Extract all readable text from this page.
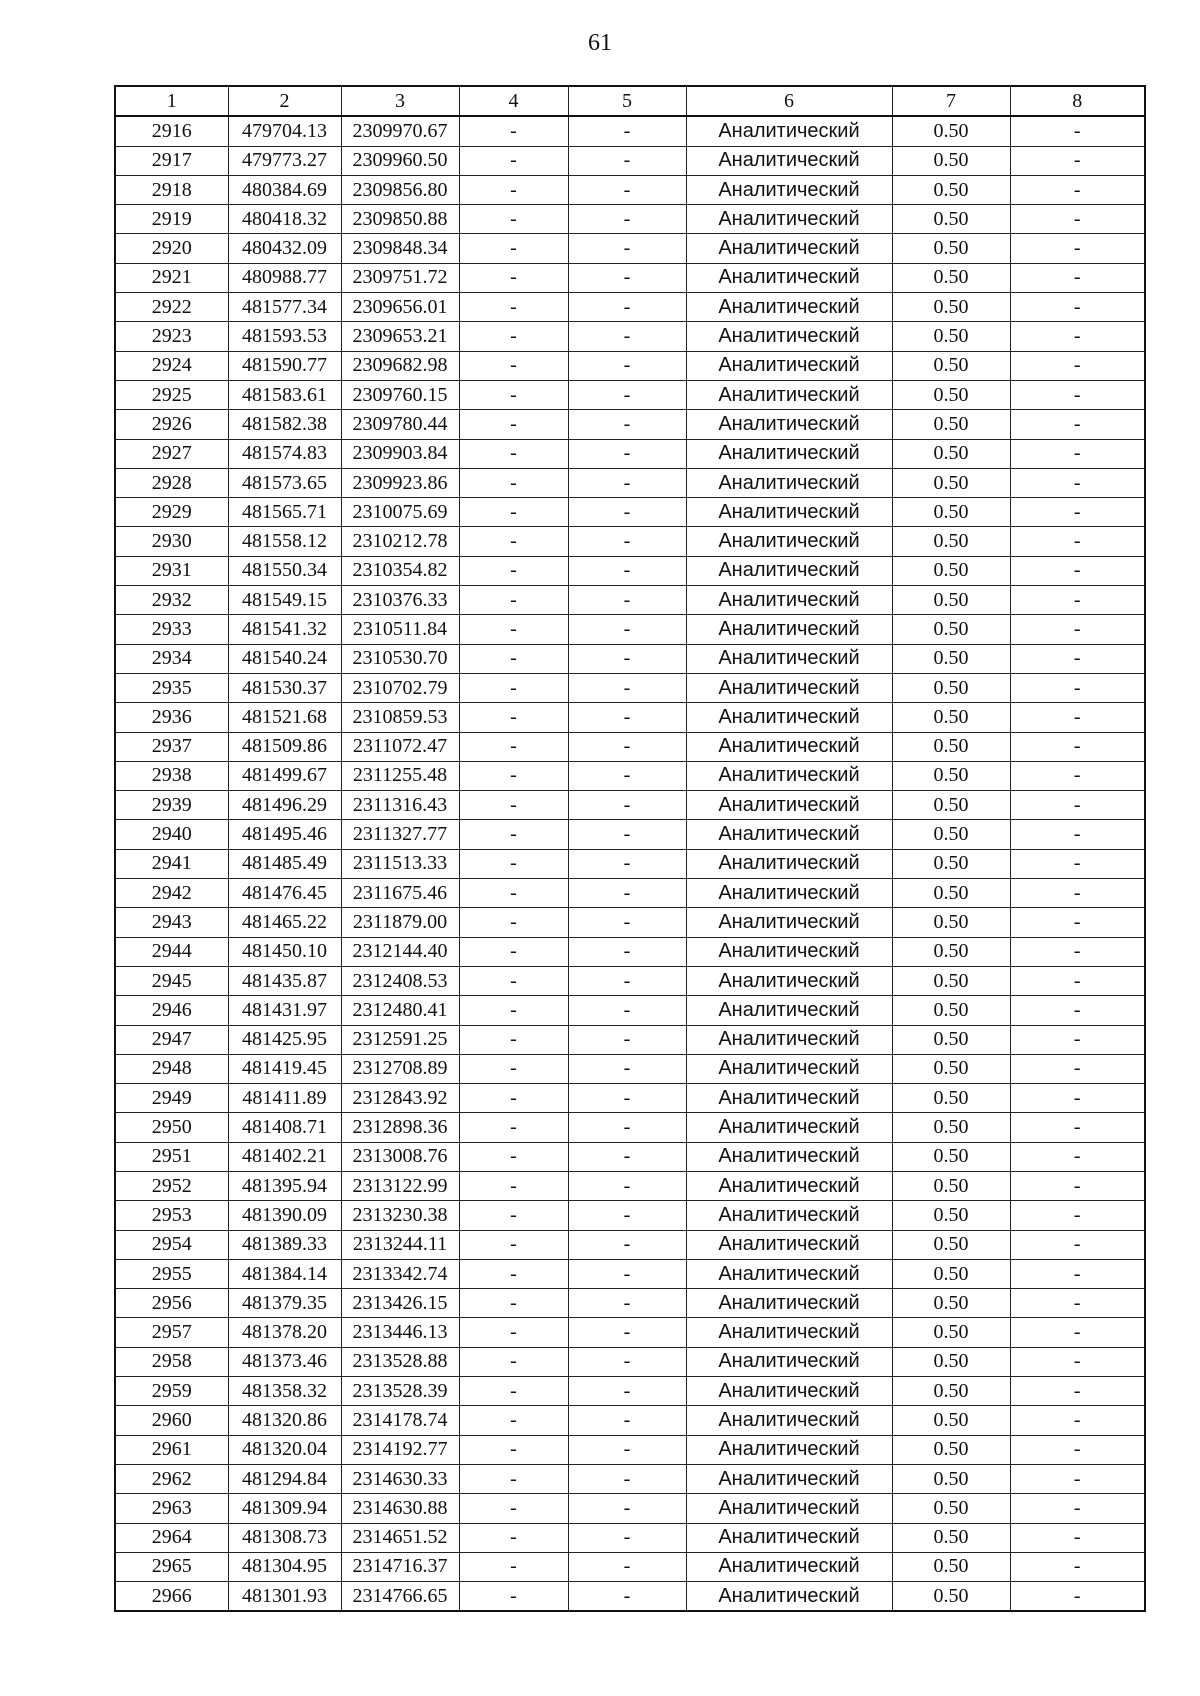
61
1	2	3	4	5	6	7	8
2916	479704.13	2309970.67	-	-	Аналитический	0.50	-
2917	479773.27	2309960.50	-	-	Аналитический	0.50	-
2918	480384.69	2309856.80	-	-	Аналитический	0.50	-
2919	480418.32	2309850.88	-	-	Аналитический	0.50	-
2920	480432.09	2309848.34	-	-	Аналитический	0.50	-
2921	480988.77	2309751.72	-	-	Аналитический	0.50	-
2922	481577.34	2309656.01	-	-	Аналитический	0.50	-
2923	481593.53	2309653.21	-	-	Аналитический	0.50	-
2924	481590.77	2309682.98	-	-	Аналитический	0.50	-
2925	481583.61	2309760.15	-	-	Аналитический	0.50	-
2926	481582.38	2309780.44	-	-	Аналитический	0.50	-
2927	481574.83	2309903.84	-	-	Аналитический	0.50	-
2928	481573.65	2309923.86	-	-	Аналитический	0.50	-
2929	481565.71	2310075.69	-	-	Аналитический	0.50	-
2930	481558.12	2310212.78	-	-	Аналитический	0.50	-
2931	481550.34	2310354.82	-	-	Аналитический	0.50	-
2932	481549.15	2310376.33	-	-	Аналитический	0.50	-
2933	481541.32	2310511.84	-	-	Аналитический	0.50	-
2934	481540.24	2310530.70	-	-	Аналитический	0.50	-
2935	481530.37	2310702.79	-	-	Аналитический	0.50	-
2936	481521.68	2310859.53	-	-	Аналитический	0.50	-
2937	481509.86	2311072.47	-	-	Аналитический	0.50	-
2938	481499.67	2311255.48	-	-	Аналитический	0.50	-
2939	481496.29	2311316.43	-	-	Аналитический	0.50	-
2940	481495.46	2311327.77	-	-	Аналитический	0.50	-
2941	481485.49	2311513.33	-	-	Аналитический	0.50	-
2942	481476.45	2311675.46	-	-	Аналитический	0.50	-
2943	481465.22	2311879.00	-	-	Аналитический	0.50	-
2944	481450.10	2312144.40	-	-	Аналитический	0.50	-
2945	481435.87	2312408.53	-	-	Аналитический	0.50	-
2946	481431.97	2312480.41	-	-	Аналитический	0.50	-
2947	481425.95	2312591.25	-	-	Аналитический	0.50	-
2948	481419.45	2312708.89	-	-	Аналитический	0.50	-
2949	481411.89	2312843.92	-	-	Аналитический	0.50	-
2950	481408.71	2312898.36	-	-	Аналитический	0.50	-
2951	481402.21	2313008.76	-	-	Аналитический	0.50	-
2952	481395.94	2313122.99	-	-	Аналитический	0.50	-
2953	481390.09	2313230.38	-	-	Аналитический	0.50	-
2954	481389.33	2313244.11	-	-	Аналитический	0.50	-
2955	481384.14	2313342.74	-	-	Аналитический	0.50	-
2956	481379.35	2313426.15	-	-	Аналитический	0.50	-
2957	481378.20	2313446.13	-	-	Аналитический	0.50	-
2958	481373.46	2313528.88	-	-	Аналитический	0.50	-
2959	481358.32	2313528.39	-	-	Аналитический	0.50	-
2960	481320.86	2314178.74	-	-	Аналитический	0.50	-
2961	481320.04	2314192.77	-	-	Аналитический	0.50	-
2962	481294.84	2314630.33	-	-	Аналитический	0.50	-
2963	481309.94	2314630.88	-	-	Аналитический	0.50	-
2964	481308.73	2314651.52	-	-	Аналитический	0.50	-
2965	481304.95	2314716.37	-	-	Аналитический	0.50	-
2966	481301.93	2314766.65	-	-	Аналитический	0.50	-
